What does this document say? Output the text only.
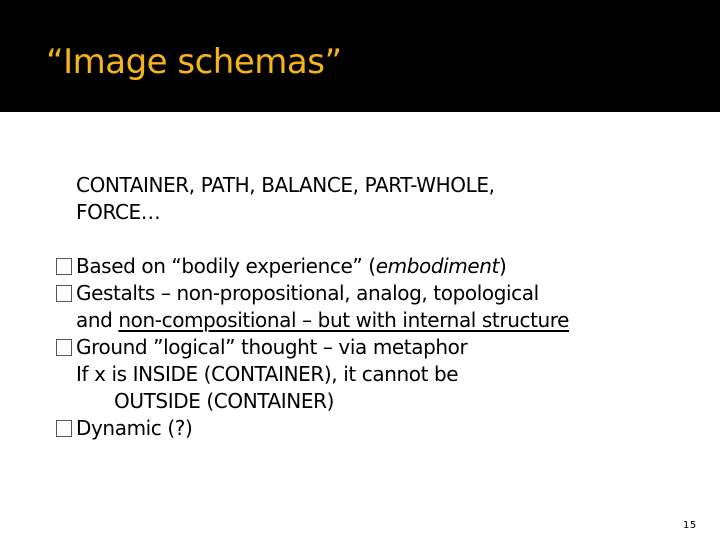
“Image schemas”
CONTAINER, PATH, BALANCE, PART-WHOLE,
FORCE…
Based on “bodily experience” (embodiment)
Gestalts – non-propositional, analog, topological
and non-compositional – but with internal structure
Ground ”logical” thought – via metaphor
If x is INSIDE (CONTAINER), it cannot be
OUTSIDE (CONTAINER)
Dynamic (?)
15
